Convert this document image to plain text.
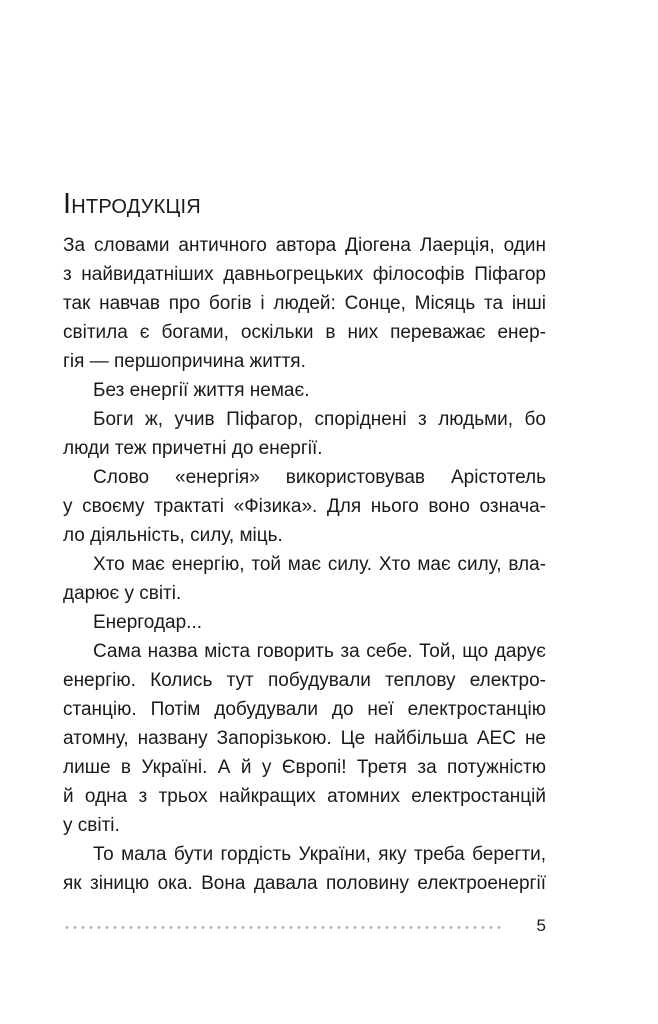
Інтродукція
За словами античного автора Діогена Лаерція, один
з найвидатніших давньогрецьких філософів Піфагор
так навчав про богів і людей: Сонце, Місяць та інші
світила є богами, оскільки в них переважає енер-
гія — першопричина життя.
Без енергії життя немає.
Боги ж, учив Піфагор, споріднені з людьми, бо
люди теж причетні до енергії.
Слово «енергія» використовував Арістотель
у своєму трактаті «Фізика». Для нього воно означа-
ло діяльність, силу, міць.
Хто має енергію, той має силу. Хто має силу, вла-
дарює у світі.
Енергодар...
Сама назва міста говорить за себе. Той, що дарує
енергію. Колись тут побудували теплову електро-
станцію. Потім добудували до неї електростанцію
атомну, названу Запорізькою. Це найбільша АЕС не
лише в Україні. А й у Європі! Третя за потужністю
й одна з трьох найкращих атомних електростанцій
у світі.
То мала бути гордість України, яку треба берегти,
як зіницю ока. Вона давала половину електроенергії
5
